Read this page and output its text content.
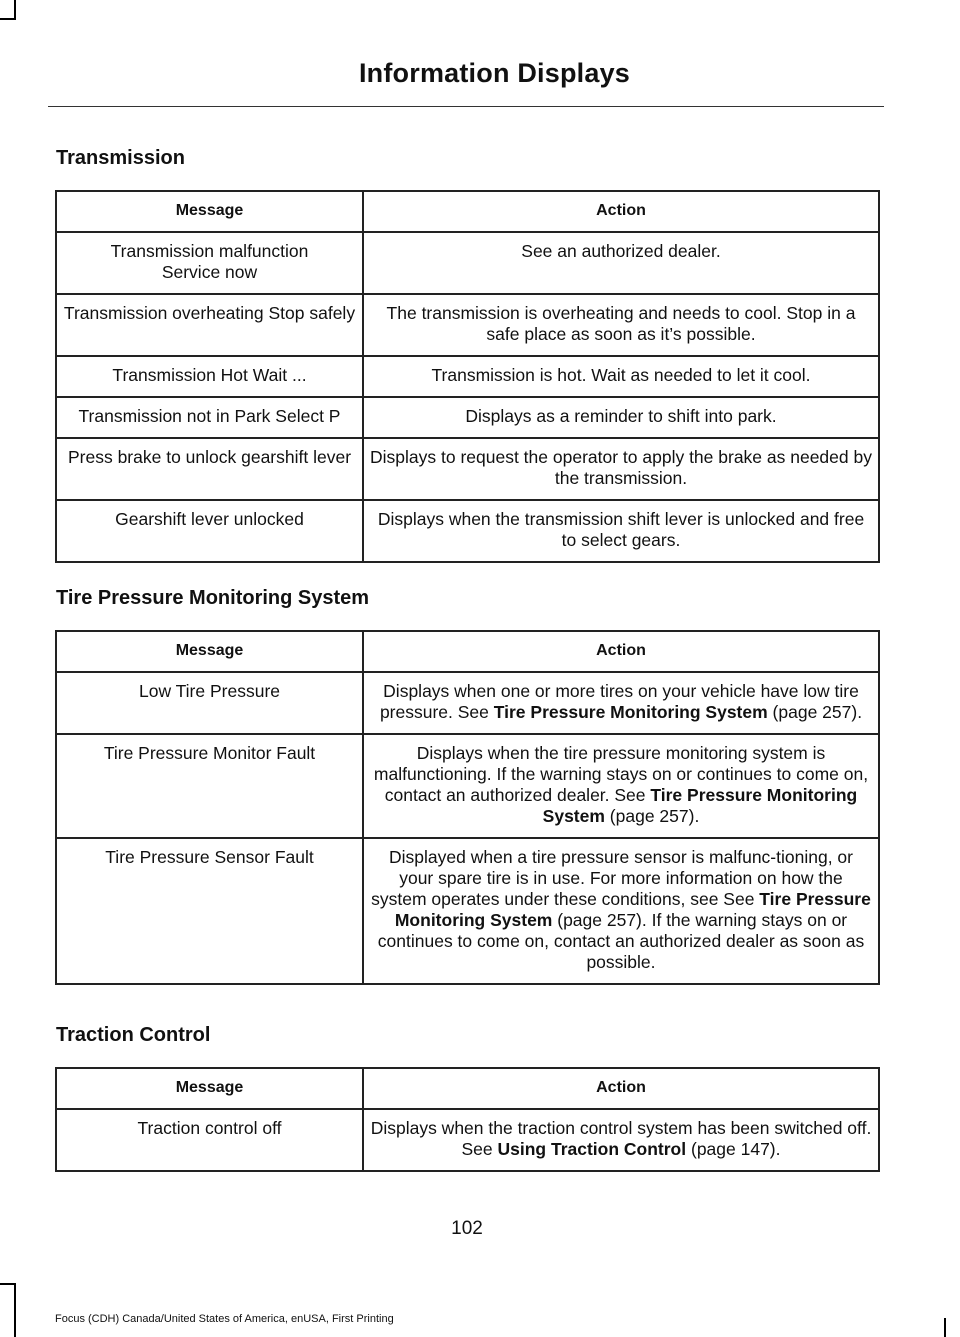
Information Displays
Transmission
Message	Action
Transmission malfunction Service now	See an authorized dealer.
Transmission overheating Stop safely	The transmission is overheating and needs to cool. Stop in a safe place as soon as it’s possible.
Transmission Hot Wait ...	Transmission is hot. Wait as needed to let it cool.
Transmission not in Park Select P	Displays as a reminder to shift into park.
Press brake to unlock gearshift lever	Displays to request the operator to apply the brake as needed by the transmission.
Gearshift lever unlocked	Displays when the transmission shift lever is unlocked and free to select gears.
Tire Pressure Monitoring System
Message	Action
Low Tire Pressure	Displays when one or more tires on your vehicle have low tire pressure. See Tire Pressure Monitoring System (page 257).
Tire Pressure Monitor Fault	Displays when the tire pressure monitoring system is malfunctioning. If the warning stays on or continues to come on, contact an authorized dealer. See Tire Pressure Monitoring System (page 257).
Tire Pressure Sensor Fault	Displayed when a tire pressure sensor is malfunc-tioning, or your spare tire is in use. For more information on how the system operates under these conditions, see See Tire Pressure Monitoring System (page 257). If the warning stays on or continues to come on, contact an authorized dealer as soon as possible.
Traction Control
Message	Action
Traction control off	Displays when the traction control system has been switched off. See Using Traction Control (page 147).
102
Focus (CDH) Canada/United States of America, enUSA, First Printing
